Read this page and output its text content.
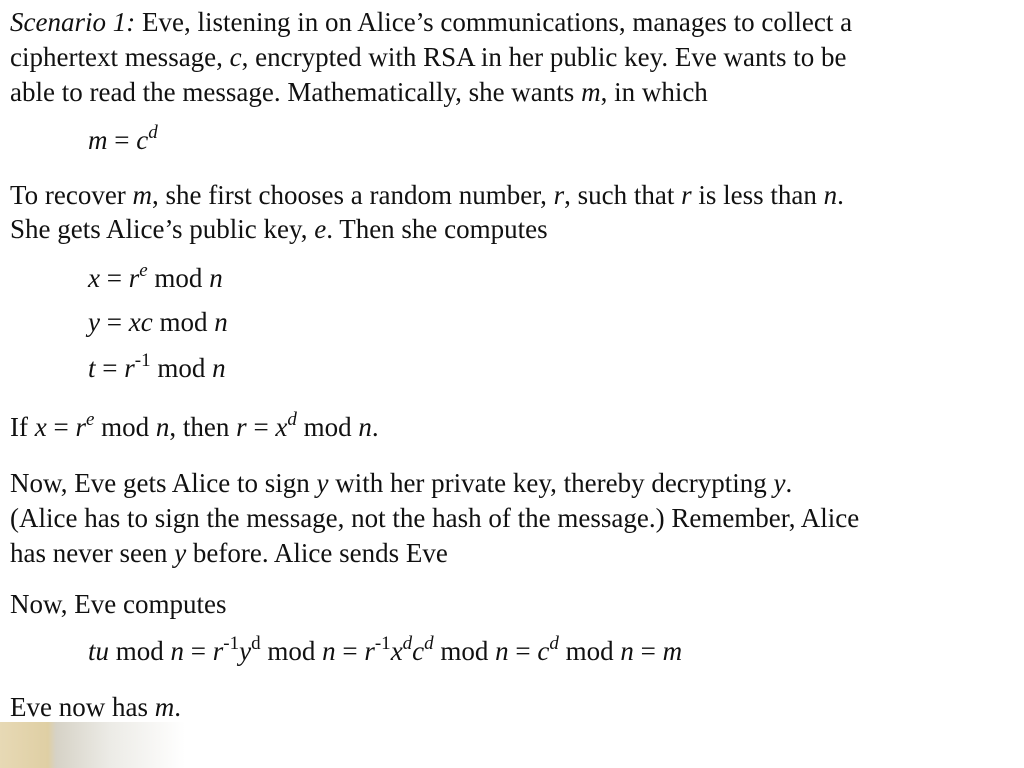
Scenario 1: Eve, listening in on Alice’s communications, manages to collect a
ciphertext message, c, encrypted with RSA in her public key. Eve wants to be
able to read the message. Mathematically, she wants m, in which
$m = c^d$
To recover m, she first chooses a random number, r, such that r is less than n.
She gets Alice’s public key, e. Then she computes
$x = r^e$ mod n
y = xc mod n
$t = r^{-1}$ mod n
If $x = r^e$ mod n, then $r = x^d$ mod n.
Now, Eve gets Alice to sign y with her private key, thereby decrypting y.
(Alice has to sign the message, not the hash of the message.) Remember, Alice
has never seen y before. Alice sends Eve
Now, Eve computes
tu mod $n = r^{-1}y^d$ mod $n = r^{-1}x^dc^d$ mod $n = c^d$ mod n = m
Eve now has m.
